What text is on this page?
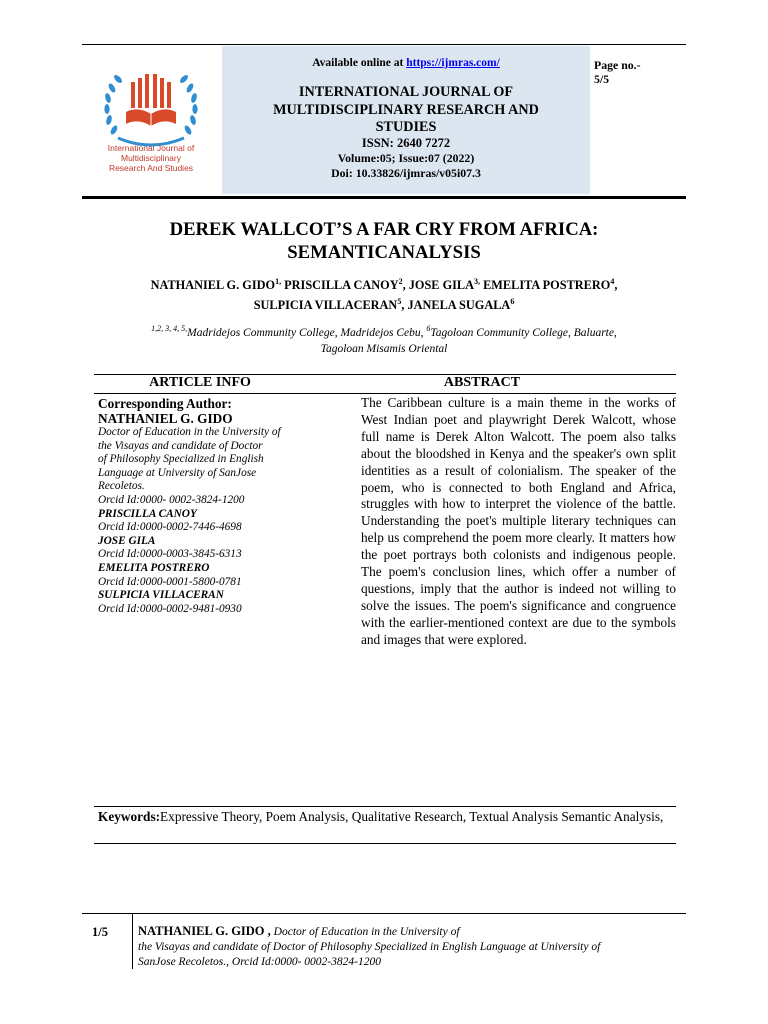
International Journal of
Multidisciplinary
Research And Studies
Available online at https://ijmras.com/
INTERNATIONAL JOURNAL OF MULTIDISCIPLINARY RESEARCH AND STUDIES
ISSN: 2640 7272
Volume:05; Issue:07 (2022)
Doi: 10.33826/ijmras/v05i07.3
Page no.-
5/5
DEREK WALLCOT’S A FAR CRY FROM AFRICA:
SEMANTICANALYSIS
NATHANIEL G. $GIDO^{1,}$ PRISCILLA CANOY$^2$, JOSE $GILA^{3,}$ EMELITA POSTRERO$^4$,
SULPICIA VILLACERAN$^5$, JANELA SUGALA$^6$
$^{1,2, 3, 4, 5,}$Madridejos Community College, Madridejos Cebu, $^6$Tagoloan Community College, Baluarte,
Tagoloan Misamis Oriental
ARTICLE INFO	ABSTRACT
Corresponding Author:
NATHANIEL G. GIDO
Doctor of Education in the University of
the Visayas and candidate of Doctor
of Philosophy Specialized in English
Language at University of SanJose
Recoletos.
Orcid Id:0000- 0002-3824-1200
PRISCILLA CANOY
Orcid Id:0000-0002-7446-4698
JOSE GILA
Orcid Id:0000-0003-3845-6313
EMELITA POSTRERO
Orcid Id:0000-0001-5800-0781
SULPICIA VILLACERAN
Orcid Id:0000-0002-9481-0930
The Caribbean culture is a main theme in the works of West Indian poet and playwright Derek Walcott, whose full name is Derek Alton Walcott. The poem also talks about the bloodshed in Kenya and the speaker's own split identities as a result of colonialism. The speaker of the poem, who is connected to both England and Africa, struggles with how to interpret the violence of the battle. Understanding the poet's multiple literary techniques can help us comprehend the poem more clearly. It matters how the poet portrays both colonists and indigenous people. The poem's conclusion lines, which offer a number of questions, imply that the author is indeed not willing to solve the issues. The poem's significance and congruence with the earlier-mentioned context are due to the symbols and images that were explored.
Keywords:Expressive Theory, Poem Analysis, Qualitative Research, Textual Analysis Semantic Analysis,
1/5 NATHANIEL G. GIDO , Doctor of Education in the University of
the Visayas and candidate of Doctor of Philosophy Specialized in English Language at University of
SanJose Recoletos., Orcid Id:0000- 0002-3824-1200
